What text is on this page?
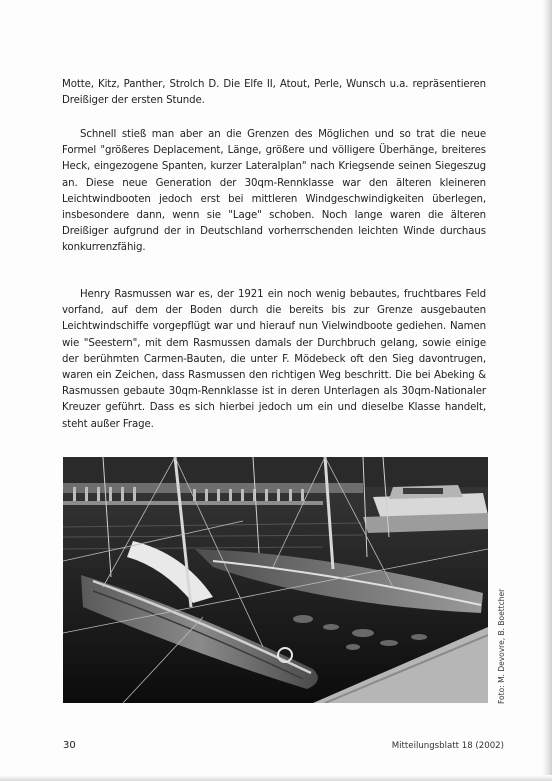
Motte, Kitz, Panther, Strolch D. Die Elfe II, Atout, Perle, Wunsch u.a. repräsentieren Dreißiger der ersten Stunde.

Schnell stieß man aber an die Grenzen des Möglichen und so trat die neue Formel "größeres Deplacement, Länge, größere und völligere Überhänge, breiteres Heck, eingezogene Spanten, kurzer Lateralplan" nach Kriegsende seinen Siegeszug an. Diese neue Generation der 30qm-Rennklasse war den älteren kleineren Leichtwindbooten jedoch erst bei mittleren Windgeschwindigkeiten überlegen, insbesondere dann, wenn sie "Lage" schoben. Noch lange waren die älteren Dreißiger aufgrund der in Deutschland vorherrschenden leichten Winde durchaus konkurrenzfähig.

Henry Rasmussen war es, der 1921 ein noch wenig bebautes, fruchtbares Feld vorfand, auf dem der Boden durch die bereits bis zur Grenze ausgebauten Leichtwindschiffe vorgepflügt war und hierauf nun Vielwindboote gediehen. Namen wie "Seestern", mit dem Rasmussen damals der Durchbruch gelang, sowie einige der berühmten Carmen-Bauten, die unter F. Mödebeck oft den Sieg davontrugen, waren ein Zeichen, dass Rasmussen den richtigen Weg beschritt. Die bei Abeking & Rasmussen gebaute 30qm-Rennklasse ist in deren Unterlagen als 30qm-Nationaler Kreuzer geführt. Dass es sich hierbei jedoch um ein und dieselbe Klasse handelt, steht außer Frage.

Foto: M. Devovre, B. Boettcher
30	Mitteilungsblatt 18 (2002)
